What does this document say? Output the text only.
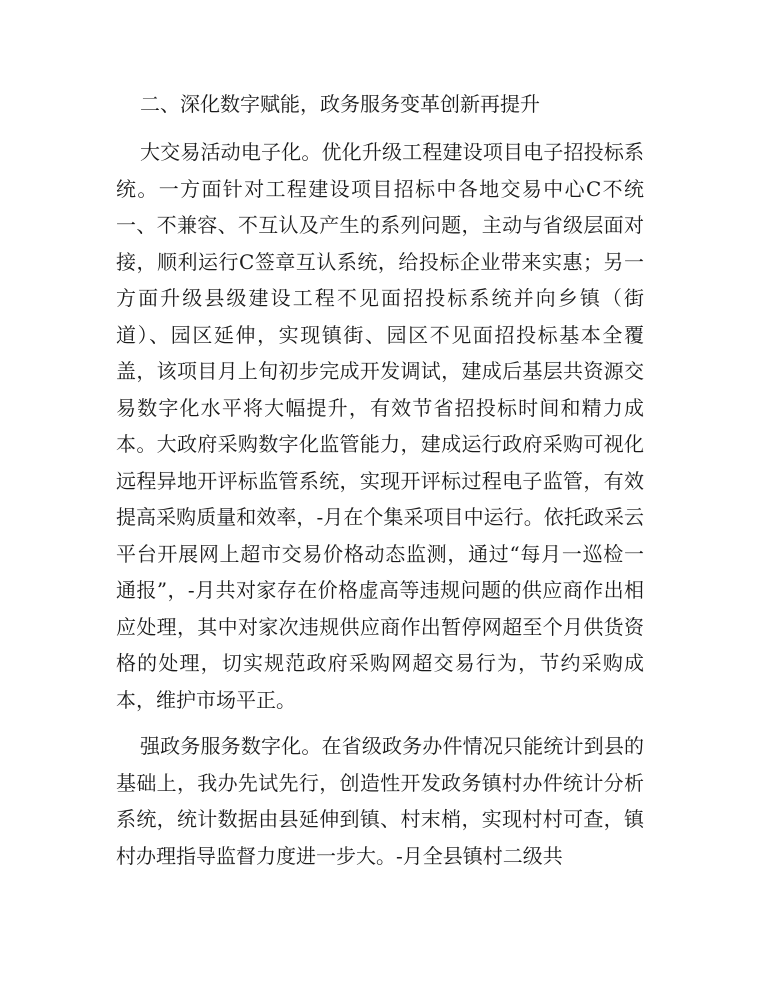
二、深化数字赋能，政务服务变革创新再提升

大交易活动电子化。优化升级工程建设项目电子招投标系统。一方面针对工程建设项目招标中各地交易中心C不统一、不兼容、不互认及产生的系列问题，主动与省级层面对接，顺利运行C签章互认系统，给投标企业带来实惠；另一方面升级县级建设工程不见面招投标系统并向乡镇（街道）、园区延伸，实现镇街、园区不见面招投标基本全覆盖，该项目月上旬初步完成开发调试，建成后基层共资源交易数字化水平将大幅提升，有效节省招投标时间和精力成本。大政府采购数字化监管能力，建成运行政府采购可视化远程异地开评标监管系统，实现开评标过程电子监管，有效提高采购质量和效率，-月在个集采项目中运行。依托政采云平台开展网上超市交易价格动态监测，通过“每月一巡检一通报”，-月共对家存在价格虚高等违规问题的供应商作出相应处理，其中对家次违规供应商作出暂停网超至个月供货资格的处理，切实规范政府采购网超交易行为，节约采购成本，维护市场平正。

强政务服务数字化。在省级政务办件情况只能统计到县的基础上，我办先试先行，创造性开发政务镇村办件统计分析系统，统计数据由县延伸到镇、村末梢，实现村村可查，镇村办理指导监督力度进一步大。-月全县镇村二级共
